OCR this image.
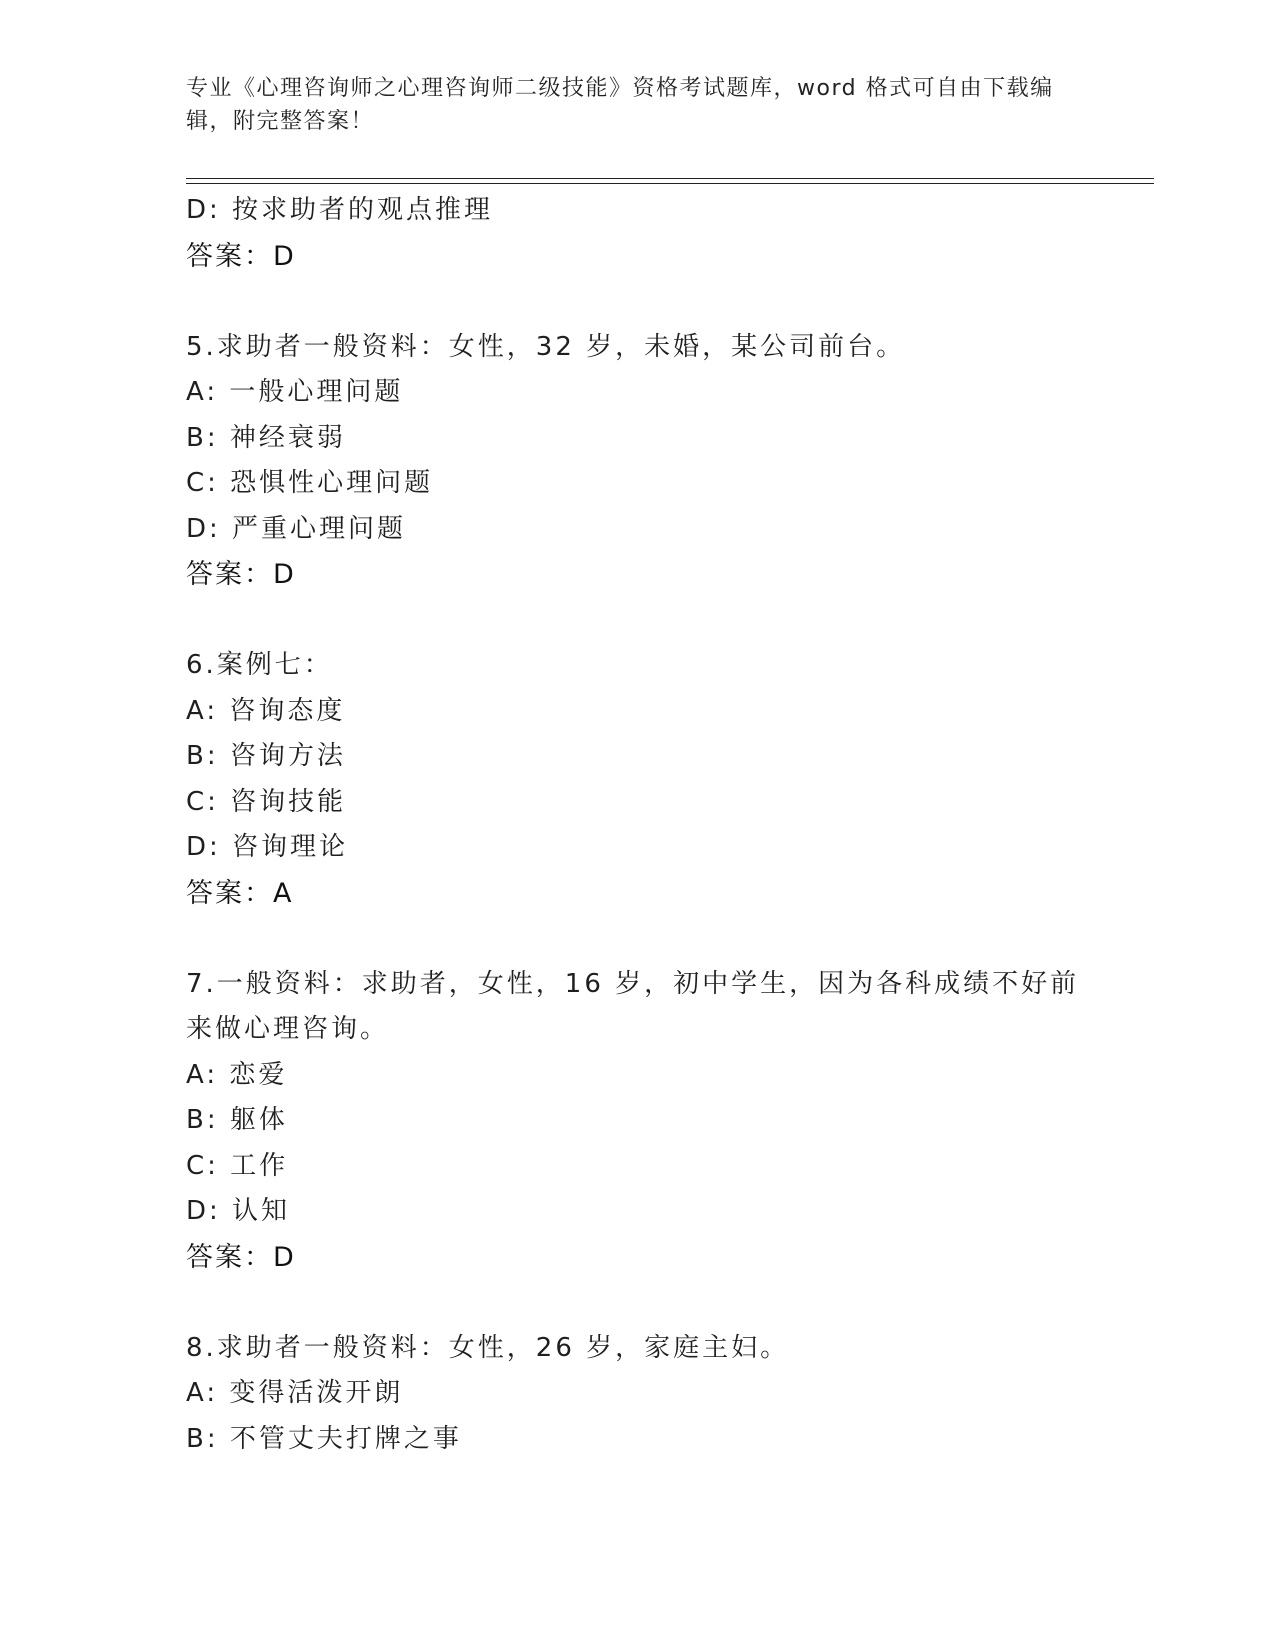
专业《心理咨询师之心理咨询师二级技能》资格考试题库，word 格式可自由下载编辑，附完整答案！
D: 按求助者的观点推理
答案：D
5.求助者一般资料：女性，32 岁，未婚，某公司前台。
A: 一般心理问题
B: 神经衰弱
C: 恐惧性心理问题
D: 严重心理问题
答案：D
6.案例七：
A: 咨询态度
B: 咨询方法
C: 咨询技能
D: 咨询理论
答案：A
7.一般资料：求助者，女性，16 岁，初中学生，因为各科成绩不好前
来做心理咨询。
A: 恋爱
B: 躯体
C: 工作
D: 认知
答案：D
8.求助者一般资料：女性，26 岁，家庭主妇。
A: 变得活泼开朗
B: 不管丈夫打牌之事
